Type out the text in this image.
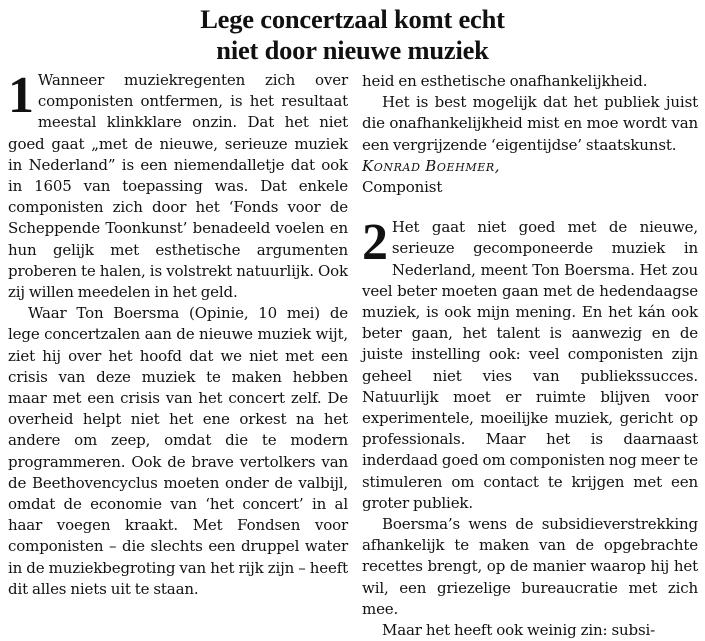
Lege concertzaal komt echt
niet door nieuwe muziek

1 Wanneer muziekregenten zich over componisten ontfermen, is het resultaat meestal klinkklare onzin. Dat het niet goed gaat „met de nieuwe, serieuze muziek in Nederland” is een niemendalletje dat ook in 1605 van toepassing was. Dat enkele componisten zich door het ‘Fonds voor de Scheppende Toonkunst’ benadeeld voelen en hun gelijk met esthetische argumenten proberen te halen, is volstrekt natuurlijk. Ook zij willen meedelen in het geld.

Waar Ton Boersma (Opinie, 10 mei) de lege concertzalen aan de nieuwe muziek wijt, ziet hij over het hoofd dat we niet met een crisis van deze muziek te maken hebben maar met een crisis van het concert zelf. De overheid helpt niet het ene orkest na het andere om zeep, omdat die te modern programmeren. Ook de brave vertolkers van de Beethovencyclus moeten onder de valbijl, omdat de economie van ‘het concert’ in al haar voegen kraakt. Met Fondsen voor componisten – die slechts een druppel water in de muziekbegroting van het rijk zijn – heeft dit alles niets uit te staan.

heid en esthetische onafhankelijkheid.

Het is best mogelijk dat het publiek juist die onafhankelijkheid mist en moe wordt van een vergrijzende ‘eigentijdse’ staatskunst.

Konrad Boehmer,

Componist

2 Het gaat niet goed met de nieuwe, serieuze gecomponeerde muziek in Nederland, meent Ton Boersma. Het zou veel beter moeten gaan met de hedendaagse muziek, is ook mijn mening. En het kán ook beter gaan, het talent is aanwezig en de juiste instelling ook: veel componisten zijn geheel niet vies van publiekssucces. Natuurlijk moet er ruimte blijven voor experimentele, moeilijke muziek, gericht op professionals. Maar het is daarnaast inderdaad goed om componisten nog meer te stimuleren om contact te krijgen met een groter publiek.

Boersma’s wens de subsidieverstrekking afhankelijk te maken van de opgebrachte recettes brengt, op de manier waarop hij het wil, een griezelige bureaucratie met zich mee.

Maar het heeft ook weinig zin: subsi-
